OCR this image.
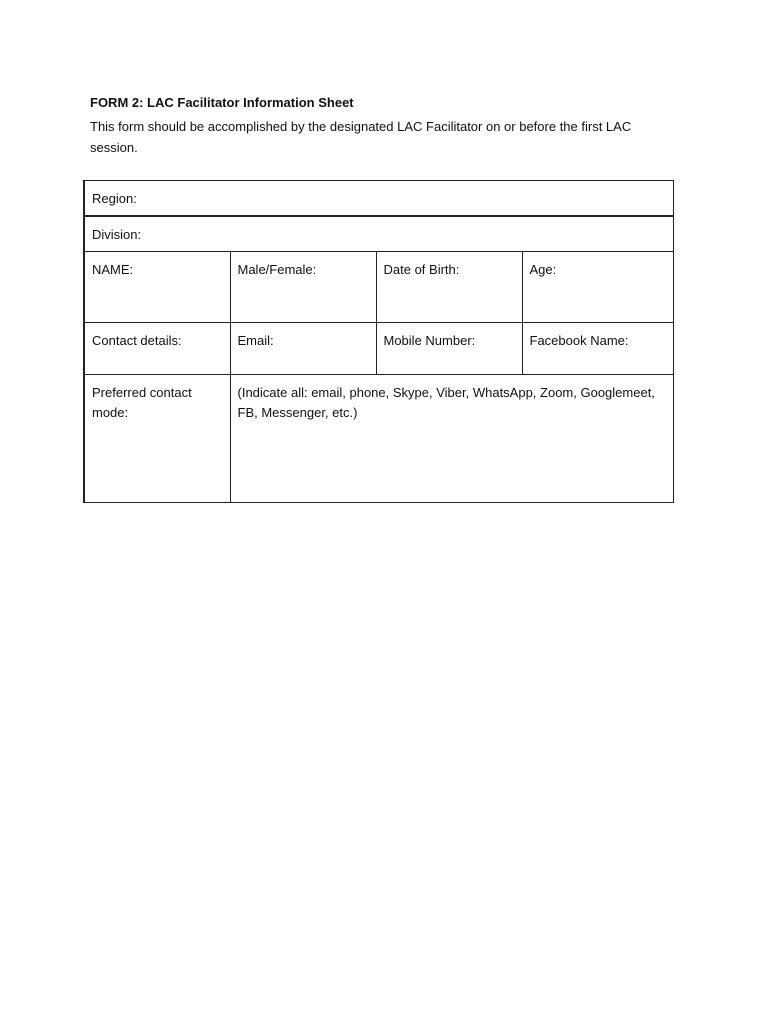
FORM 2: LAC Facilitator Information Sheet
This form should be accomplished by the designated LAC Facilitator on or before the first LAC session.
Region:			
Division:			
NAME:	Male/Female:	Date of Birth:	Age:
Contact details:	Email:	Mobile Number:	Facebook Name:
Preferred contact mode:	(Indicate all: email, phone, Skype, Viber, WhatsApp, Zoom, Googlemeet, FB, Messenger, etc.)		
